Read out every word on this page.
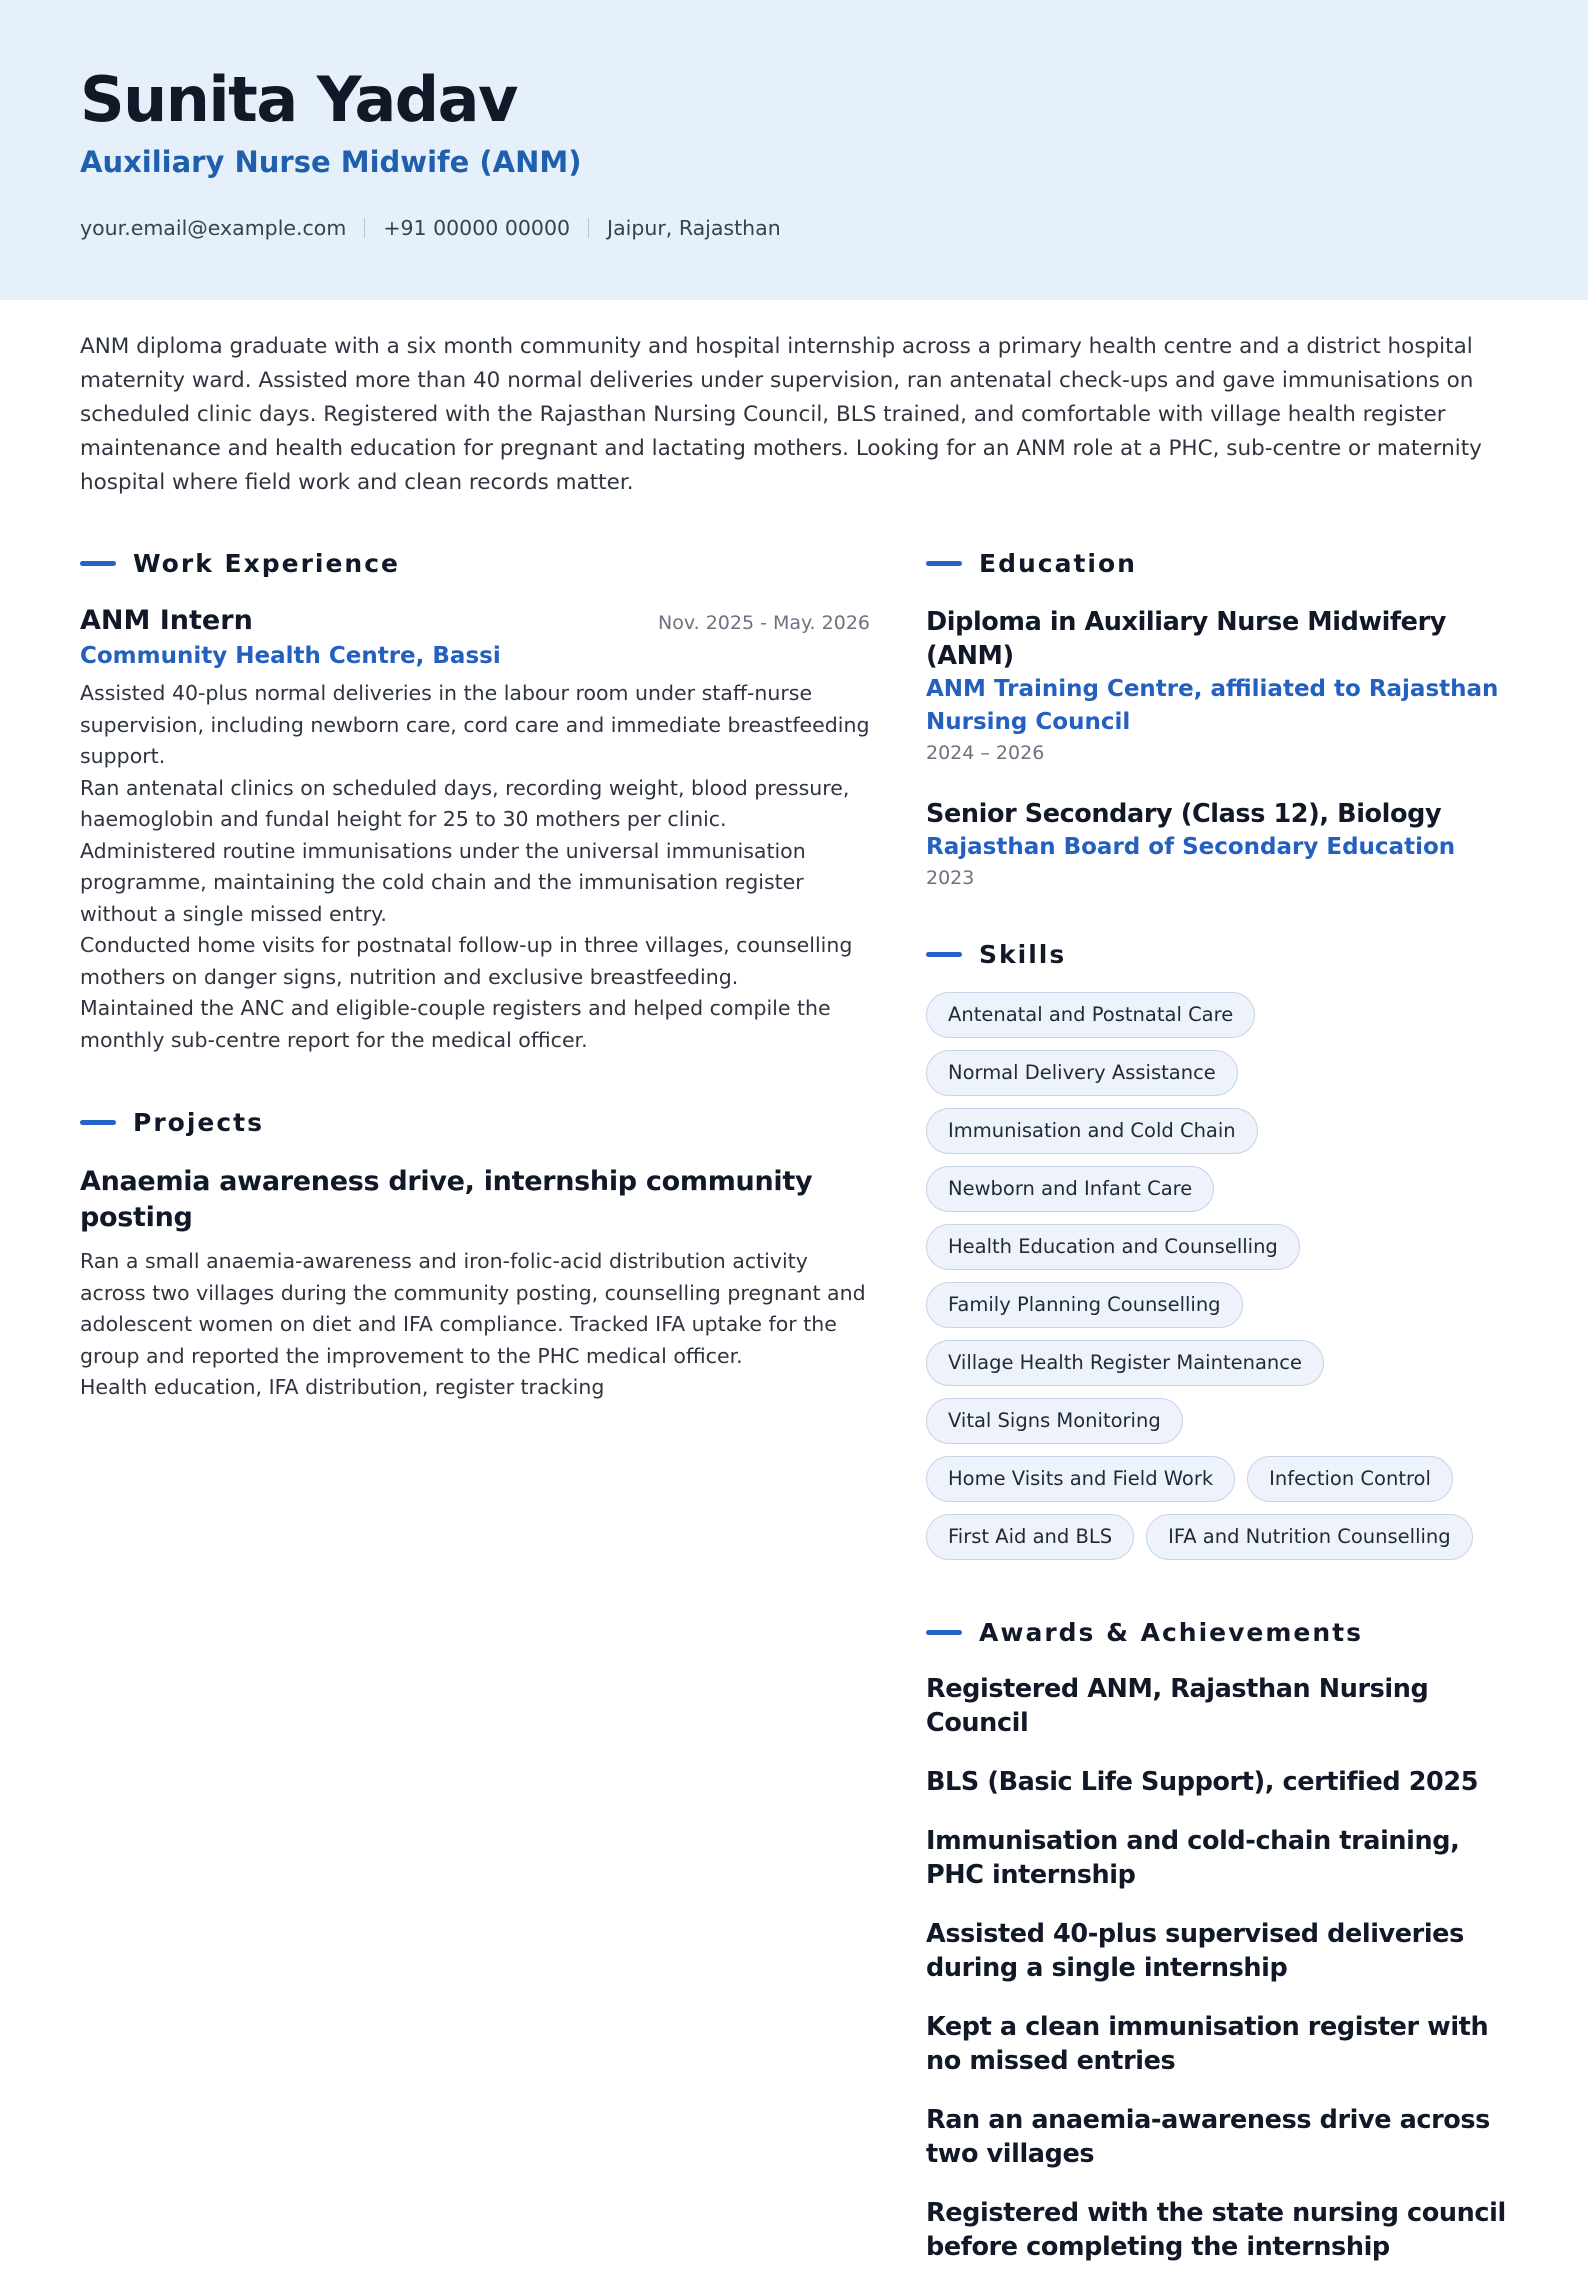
Sunita Yadav
Auxiliary Nurse Midwife (ANM)
your.email@example.com +91 00000 00000 Jaipur, Rajasthan
ANM diploma graduate with a six month community and hospital internship across a primary health centre and a district hospital maternity ward. Assisted more than 40 normal deliveries under supervision, ran antenatal check-ups and gave immunisations on scheduled clinic days. Registered with the Rajasthan Nursing Council, BLS trained, and comfortable with village health register maintenance and health education for pregnant and lactating mothers. Looking for an ANM role at a PHC, sub-centre or maternity hospital where field work and clean records matter.
Work Experience
ANM Intern	Nov. 2025 - May. 2026
Community Health Centre, Bassi
Assisted 40-plus normal deliveries in the labour room under staff-nurse supervision, including newborn care, cord care and immediate breastfeeding support.
Ran antenatal clinics on scheduled days, recording weight, blood pressure, haemoglobin and fundal height for 25 to 30 mothers per clinic.
Administered routine immunisations under the universal immunisation programme, maintaining the cold chain and the immunisation register without a single missed entry.
Conducted home visits for postnatal follow-up in three villages, counselling mothers on danger signs, nutrition and exclusive breastfeeding.
Maintained the ANC and eligible-couple registers and helped compile the monthly sub-centre report for the medical officer.
Projects
Anaemia awareness drive, internship community posting
Ran a small anaemia-awareness and iron-folic-acid distribution activity across two villages during the community posting, counselling pregnant and adolescent women on diet and IFA compliance. Tracked IFA uptake for the group and reported the improvement to the PHC medical officer.
Health education, IFA distribution, register tracking
Education
Diploma in Auxiliary Nurse Midwifery (ANM)
ANM Training Centre, affiliated to Rajasthan Nursing Council
2024 – 2026
Senior Secondary (Class 12), Biology
Rajasthan Board of Secondary Education
2023
Skills
Antenatal and Postnatal Care
Normal Delivery Assistance
Immunisation and Cold Chain
Newborn and Infant Care
Health Education and Counselling
Family Planning Counselling
Village Health Register Maintenance
Vital Signs Monitoring
Home Visits and Field Work	Infection Control
First Aid and BLS	IFA and Nutrition Counselling
Awards & Achievements
Registered ANM, Rajasthan Nursing Council
BLS (Basic Life Support), certified 2025
Immunisation and cold-chain training, PHC internship
Assisted 40-plus supervised deliveries during a single internship
Kept a clean immunisation register with no missed entries
Ran an anaemia-awareness drive across two villages
Registered with the state nursing council before completing the internship
